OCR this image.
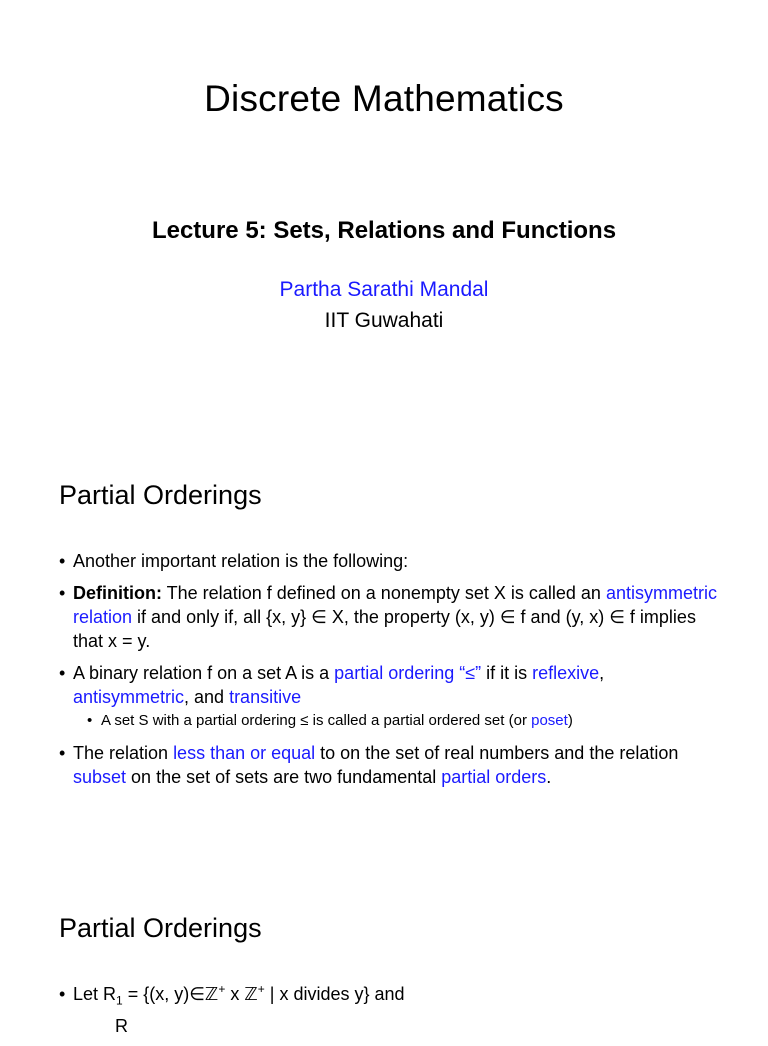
Discrete Mathematics
Lecture 5: Sets, Relations and Functions
Partha Sarathi Mandal
IIT Guwahati
Partial Orderings
• Another important relation is the following:
• Definition: The relation f defined on a nonempty set X is called an antisymmetric relation if and only if, all {x, y} ∈ X, the property (x, y) ∈ f and (y, x) ∈ f implies that x = y.
• A binary relation f on a set A is a partial ordering “≤” if it is reflexive, antisymmetric, and transitive
• A set S with a partial ordering ≤ is called a partial ordered set (or poset)
• The relation less than or equal to on the set of real numbers and the relation subset on the set of sets are two fundamental partial orders.
Partial Orderings
• Let $R_1 = \{(x$, y)∈ℤ+ x ℤ+ | x divides y} and
R
